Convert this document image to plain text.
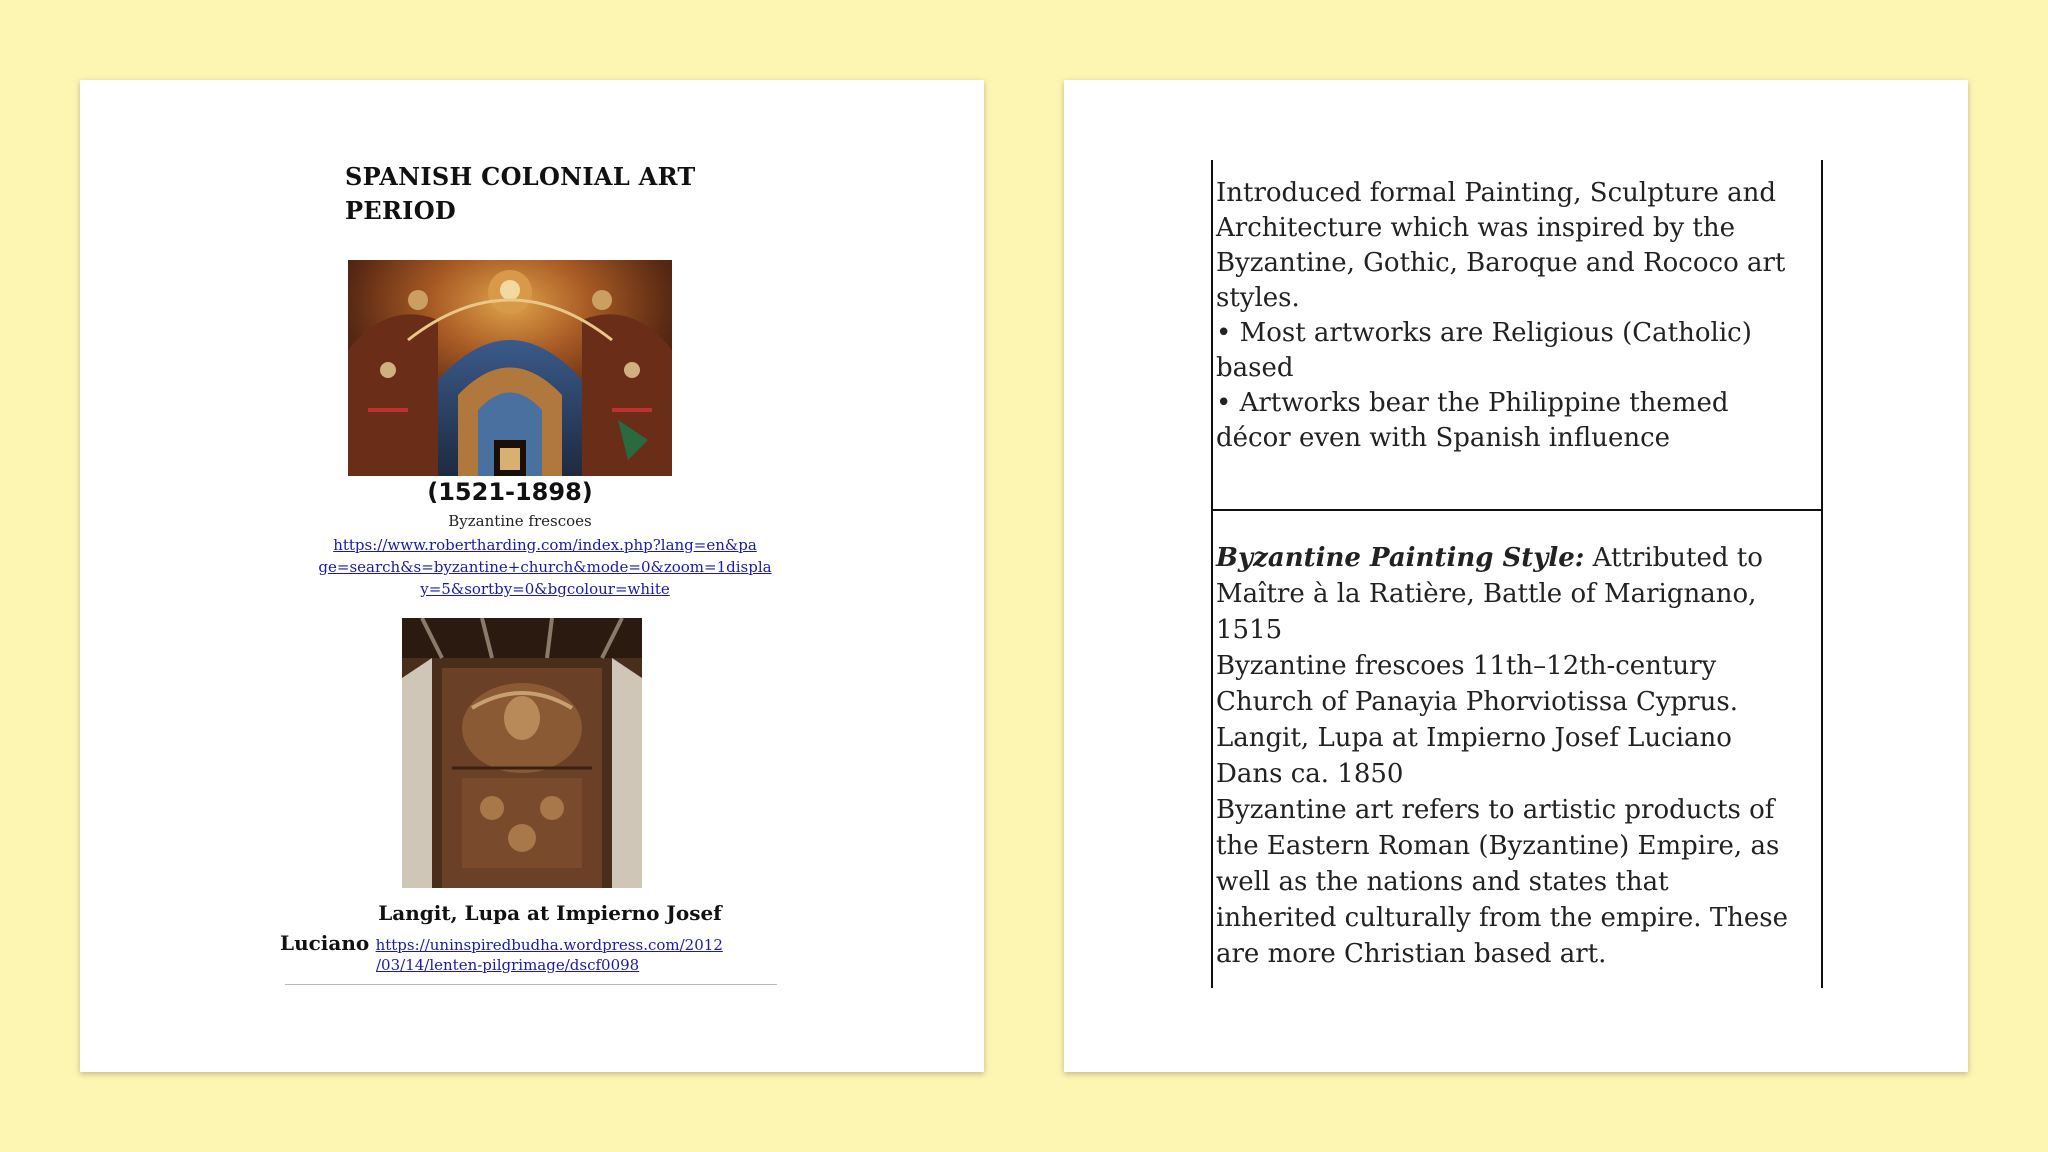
SPANISH COLONIAL ART
PERIOD
(1521-1898)
Byzantine frescoes
https://www.robertharding.com/index.php?lang=en&pa
ge=search&s=byzantine+church&mode=0&zoom=1displa
y=5&sortby=0&bgcolour=white
Langit, Lupa at Impierno Josef
Luciano https://uninspiredbudha.wordpress.com/2012
/03/14/lenten-pilgrimage/dscf0098
Introduced formal Painting, Sculpture and
Architecture which was inspired by the
Byzantine, Gothic, Baroque and Rococo art
styles.
• Most artworks are Religious (Catholic)
based
• Artworks bear the Philippine themed
décor even with Spanish influence
Byzantine Painting Style: Attributed to
Maître à la Ratière, Battle of Marignano,
1515
Byzantine frescoes 11th–12th-century
Church of Panayia Phorviotissa Cyprus.
Langit, Lupa at Impierno Josef Luciano
Dans ca. 1850
Byzantine art refers to artistic products of
the Eastern Roman (Byzantine) Empire, as
well as the nations and states that
inherited culturally from the empire. These
are more Christian based art.
